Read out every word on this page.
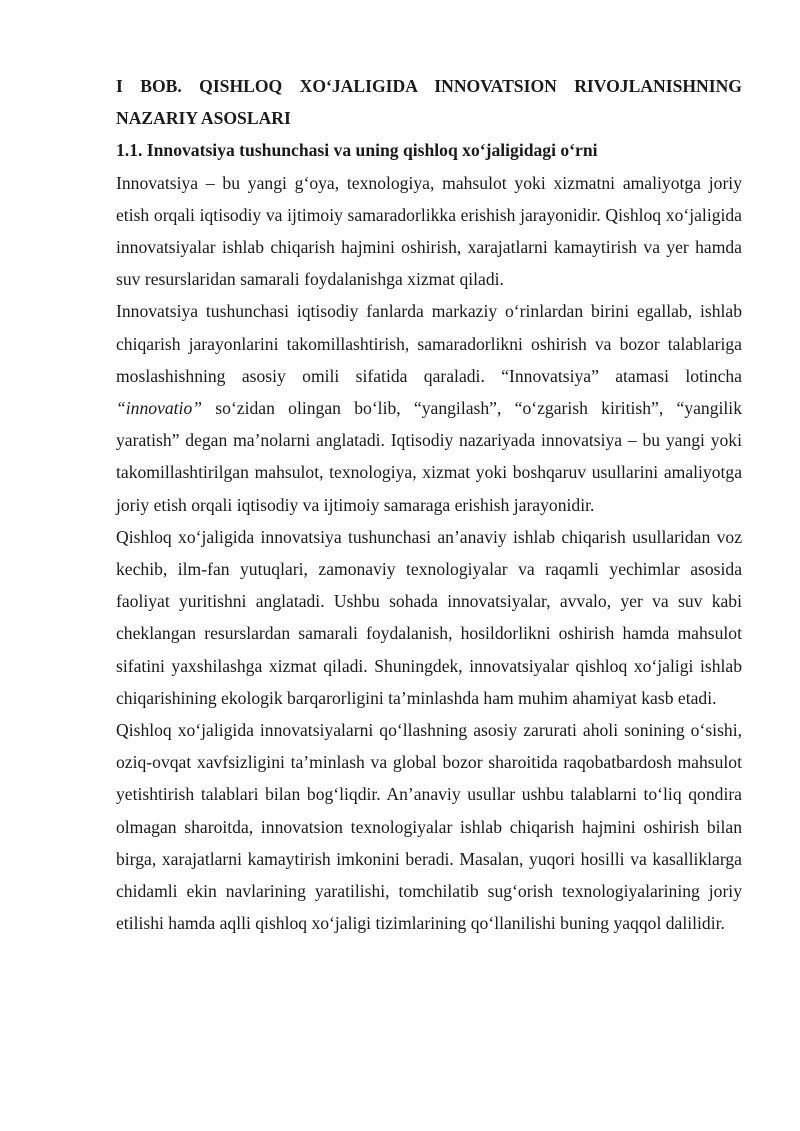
I BOB. QISHLOQ XO‘JALIGIDA INNOVATSION RIVOJLANISHNING NAZARIY ASOSLARI

1.1. Innovatsiya tushunchasi va uning qishloq xo‘jaligidagi o‘rni

Innovatsiya – bu yangi g‘oya, texnologiya, mahsulot yoki xizmatni amaliyotga joriy etish orqali iqtisodiy va ijtimoiy samaradorlikka erishish jarayonidir. Qishloq xo‘jaligida innovatsiyalar ishlab chiqarish hajmini oshirish, xarajatlarni kamaytirish va yer hamda suv resurslaridan samarali foydalanishga xizmat qiladi.

Innovatsiya tushunchasi iqtisodiy fanlarda markaziy o‘rinlardan birini egallab, ishlab chiqarish jarayonlarini takomillashtirish, samaradorlikni oshirish va bozor talablariga moslashishning asosiy omili sifatida qaraladi. “Innovatsiya” atamasi lotincha “innovatio” so‘zidan olingan bo‘lib, “yangilash”, “o‘zgarish kiritish”, “yangilik yaratish” degan ma’nolarni anglatadi. Iqtisodiy nazariyada innovatsiya – bu yangi yoki takomillashtirilgan mahsulot, texnologiya, xizmat yoki boshqaruv usullarini amaliyotga joriy etish orqali iqtisodiy va ijtimoiy samaraga erishish jarayonidir.

Qishloq xo‘jaligida innovatsiya tushunchasi an’anaviy ishlab chiqarish usullaridan voz kechib, ilm-fan yutuqlari, zamonaviy texnologiyalar va raqamli yechimlar asosida faoliyat yuritishni anglatadi. Ushbu sohada innovatsiyalar, avvalo, yer va suv kabi cheklangan resurslardan samarali foydalanish, hosildorlikni oshirish hamda mahsulot sifatini yaxshilashga xizmat qiladi. Shuningdek, innovatsiyalar qishloq xo‘jaligi ishlab chiqarishining ekologik barqarorligini ta’minlashda ham muhim ahamiyat kasb etadi.

Qishloq xo‘jaligida innovatsiyalarni qo‘llashning asosiy zarurati aholi sonining o‘sishi, oziq-ovqat xavfsizligini ta’minlash va global bozor sharoitida raqobatbardosh mahsulot yetishtirish talablari bilan bog‘liqdir. An’anaviy usullar ushbu talablarni to‘liq qondira olmagan sharoitda, innovatsion texnologiyalar ishlab chiqarish hajmini oshirish bilan birga, xarajatlarni kamaytirish imkonini beradi. Masalan, yuqori hosilli va kasalliklarga chidamli ekin navlarining yaratilishi, tomchilatib sug‘orish texnologiyalarining joriy etilishi hamda aqlli qishloq xo‘jaligi tizimlarining qo‘llanilishi buning yaqqol dalilidir.
